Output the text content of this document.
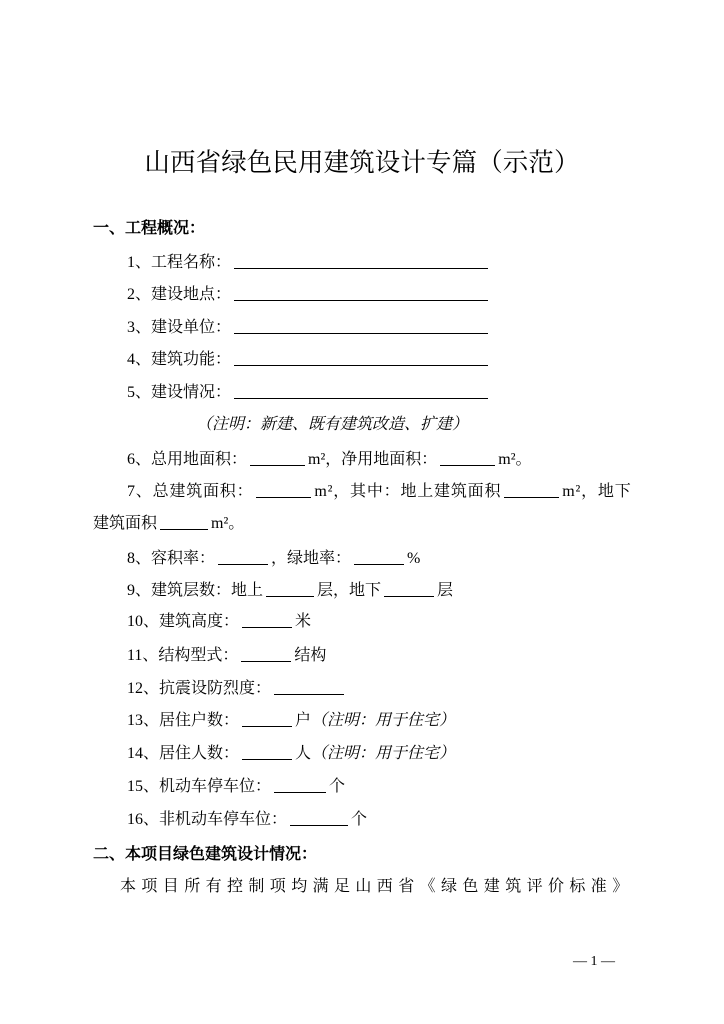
山西省绿色民用建筑设计专篇（示范）
一、工程概况：
1、工程名称：
2、建设地点：
3、建设单位：
4、建筑功能：
5、建设情况：
（注明：新建、既有建筑改造、扩建）
6、总用地面积：	m²，净用地面积：	m²。
7、总建筑面积：	m²，其中：地上建筑面积	m²，地下
建筑面积	m²。
8、容积率：	，绿地率：	%
9、建筑层数：地上	层，地下	层
10、建筑高度：	米
11、结构型式：	结构
12、抗震设防烈度：
13、居住户数：	户（注明：用于住宅）
14、居住人数：	人（注明：用于住宅）
15、机动车停车位：	个
16、非机动车停车位：	个
二、本项目绿色建筑设计情况：
本项目所有控制项均满足山西省《绿色建筑评价标准》
— 1 —
